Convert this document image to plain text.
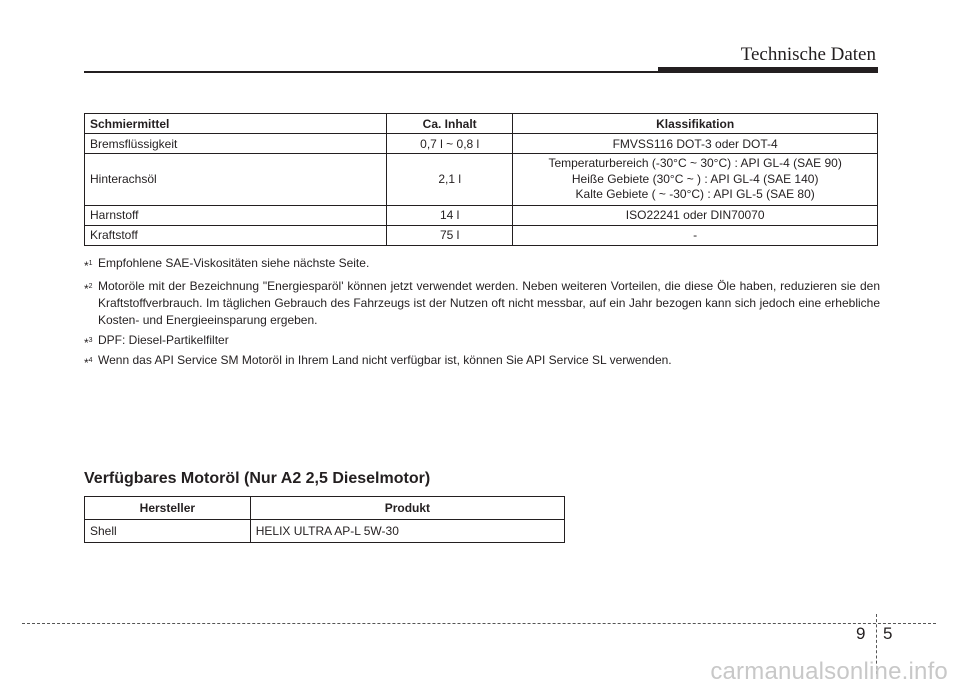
Technische Daten
Schmiermittel	Ca. Inhalt	Klassifikation
Bremsflüssigkeit	0,7 l ~ 0,8 l	FMVSS116 DOT-3 oder DOT-4
Hinterachsöl	2,1 l	Temperaturbereich (-30°C ~ 30°C) : API GL-4 (SAE 90)
Heiße Gebiete (30°C ~ ) : API GL-4 (SAE 140)
Kalte Gebiete ( ~ -30°C) : API GL-5 (SAE 80)

Harnstoff	14 l	ISO22241 oder DIN70070
Kraftstoff	75 l	-
*$^1$ Empfohlene SAE-Viskositäten siehe nächste Seite.
*$^2$ Motoröle mit der Bezeichnung "Energiesparöl' können jetzt verwendet werden. Neben weiteren Vorteilen, die diese Öle haben, reduzieren sie den Kraftstoffverbrauch. Im täglichen Gebrauch des Fahrzeugs ist der Nutzen oft nicht messbar, auf ein Jahr bezogen kann sich jedoch eine erhebliche Kosten- und Energieeinsparung ergeben.
*$^3$ DPF: Diesel-Partikelfilter
*$^4$ Wenn das API Service SM Motoröl in Ihrem Land nicht verfügbar ist, können Sie API Service SL verwenden.
Verfügbares Motoröl (Nur A2 2,5 Dieselmotor)
Hersteller	Produkt
Shell	HELIX ULTRA AP-L 5W-30
9 5
carmanualsonline.info
